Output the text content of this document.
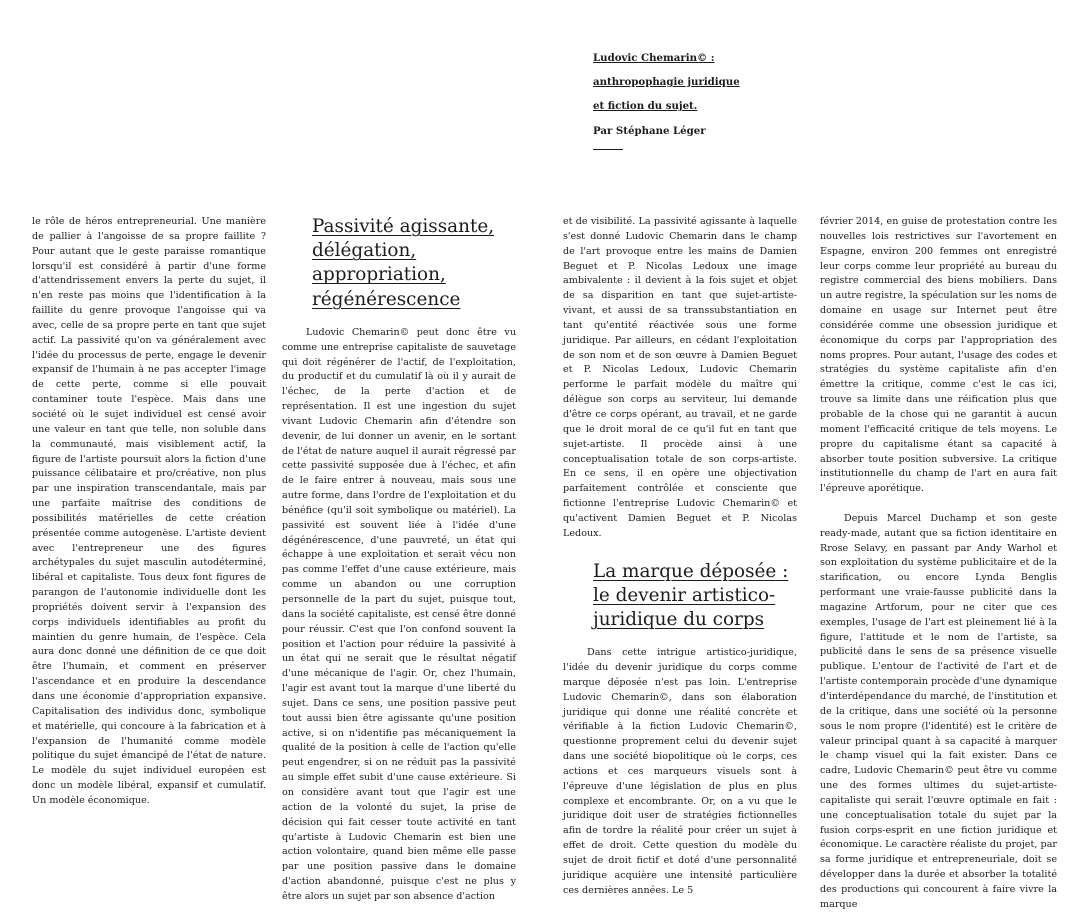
Ludovic Chemarin© :
anthropophagie juridique
et fiction du sujet.
Par Stéphane Léger

le rôle de héros entrepreneurial. Une manière de pallier à l'angoisse de sa propre faillite ? Pour autant que le geste paraisse romantique lorsqu'il est considéré à partir d'une forme d'attendrissement envers la perte du sujet, il n'en reste pas moins que l'identification à la faillite du genre provoque l'angoisse qui va avec, celle de sa propre perte en tant que sujet actif. La passivité qu'on va généralement avec l'idée du processus de perte, engage le devenir expansif de l'humain à ne pas accepter l'image de cette perte, comme si elle pouvait contaminer toute l'espèce. Mais dans une société où le sujet individuel est censé avoir une valeur en tant que telle, non soluble dans la communauté, mais visiblement actif, la figure de l'artiste poursuit alors la fiction d'une puissance célibataire et pro/créative, non plus par une inspiration transcendantale, mais par une parfaite maîtrise des conditions de possibilités matérielles de cette création présentée comme autogenèse. L'artiste devient avec l'entrepreneur une des figures archétypales du sujet masculin autodéterminé, libéral et capitaliste. Tous deux font figures de parangon de l'autonomie individuelle dont les propriétés doivent servir à l'expansion des corps individuels identifiables au profit du maintien du genre humain, de l'espèce. Cela aura donc donné une définition de ce que doit être l'humain, et comment en préserver l'ascendance et en produire la descendance dans une économie d'appropriation expansive. Capitalisation des individus donc, symbolique et matérielle, qui concoure à la fabrication et à l'expansion de l'humanité comme modèle politique du sujet émancipé de l'état de nature. Le modèle du sujet individuel européen est donc un modèle libéral, expansif et cumulatif. Un modèle économique.

Passivité agissante, délégation, appropriation, régénérescence

Ludovic Chemarin© peut donc être vu comme une entreprise capitaliste de sauvetage qui doit régénérer de l'actif, de l'exploitation, du productif et du cumulatif là où il y aurait de l'échec, de la perte d'action et de représentation. Il est une ingestion du sujet vivant Ludovic Chemarin afin d'étendre son devenir, de lui donner un avenir, en le sortant de l'état de nature auquel il aurait régressé par cette passivité supposée due à l'échec, et afin de le faire entrer à nouveau, mais sous une autre forme, dans l'ordre de l'exploitation et du bénéfice (qu'il soit symbolique ou matériel). La passivité est souvent liée à l'idée d'une dégénérescence, d'une pauvreté, un état qui échappe à une exploitation et serait vécu non pas comme l'effet d'une cause extérieure, mais comme un abandon ou une corruption personnelle de la part du sujet, puisque tout, dans la société capitaliste, est censé être donné pour réussir. C'est que l'on confond souvent la position et l'action pour réduire la passivité à un état qui ne serait que le résultat négatif d'une mécanique de l'agir. Or, chez l'humain, l'agir est avant tout la marque d'une liberté du sujet. Dans ce sens, une position passive peut tout aussi bien être agissante qu'une position active, si on n'identifie pas mécaniquement la qualité de la position à celle de l'action qu'elle peut engendrer, si on ne réduit pas la passivité au simple effet subit d'une cause extérieure. Si on considère avant tout que l'agir est une action de la volonté du sujet, la prise de décision qui fait cesser toute activité en tant qu'artiste à Ludovic Chemarin est bien une action volontaire, quand bien même elle passe par une position passive dans le domaine d'action abandonné, puisque c'est ne plus y être alors un sujet par son absence d'action

et de visibilité. La passivité agissante à laquelle s'est donné Ludovic Chemarin dans le champ de l'art provoque entre les mains de Damien Beguet et P. Nicolas Ledoux une image ambivalente : il devient à la fois sujet et objet de sa disparition en tant que sujet-artiste-vivant, et aussi de sa transsubstantiation en tant qu'entité réactivée sous une forme juridique. Par ailleurs, en cédant l'exploitation de son nom et de son œuvre à Damien Beguet et P. Nicolas Ledoux, Ludovic Chemarin performe le parfait modèle du maître qui délègue son corps au serviteur, lui demande d'être ce corps opérant, au travail, et ne garde que le droit moral de ce qu'il fut en tant que sujet-artiste. Il procède ainsi à une conceptualisation totale de son corps-artiste. En ce sens, il en opère une objectivation parfaitement contrôlée et consciente que fictionne l'entreprise Ludovic Chemarin© et qu'activent Damien Beguet et P. Nicolas Ledoux.

La marque déposée : le devenir artistico-juridique du corps

Dans cette intrigue artistico-juridique, l'idée du devenir juridique du corps comme marque déposée n'est pas loin. L'entreprise Ludovic Chemarin©, dans son élaboration juridique qui donne une réalité concrète et vérifiable à la fiction Ludovic Chemarin©, questionne proprement celui du devenir sujet dans une société biopolitique où le corps, ces actions et ces marqueurs visuels sont à l'épreuve d'une législation de plus en plus complexe et encombrante. Or, on a vu que le juridique doit user de stratégies fictionnelles afin de tordre la réalité pour créer un sujet à effet de droit. Cette question du modèle du sujet de droit fictif et doté d'une personnalité juridique acquière une intensité particulière ces dernières années. Le 5

février 2014, en guise de protestation contre les nouvelles lois restrictives sur l'avortement en Espagne, environ 200 femmes ont enregistré leur corps comme leur propriété au bureau du registre commercial des biens mobiliers. Dans un autre registre, la spéculation sur les noms de domaine en usage sur Internet peut être considérée comme une obsession juridique et économique du corps par l'appropriation des noms propres. Pour autant, l'usage des codes et stratégies du système capitaliste afin d'en émettre la critique, comme c'est le cas ici, trouve sa limite dans une réification plus que probable de la chose qui ne garantit à aucun moment l'efficacité critique de tels moyens. Le propre du capitalisme étant sa capacité à absorber toute position subversive. La critique institutionnelle du champ de l'art en aura fait l'épreuve aporétique.

Depuis Marcel Duchamp et son geste ready-made, autant que sa fiction identitaire en Rrose Selavy, en passant par Andy Warhol et son exploitation du système publicitaire et de la starification, ou encore Lynda Benglis performant une vraie-fausse publicité dans la magazine Artforum, pour ne citer que ces exemples, l'usage de l'art est pleinement lié à la figure, l'attitude et le nom de l'artiste, sa publicité dans le sens de sa présence visuelle publique. L'entour de l'activité de l'art et de l'artiste contemporain procède d'une dynamique d'interdépendance du marché, de l'institution et de la critique, dans une société où la personne sous le nom propre (l'identité) est le critère de valeur principal quant à sa capacité à marquer le champ visuel qui la fait exister. Dans ce cadre, Ludovic Chemarin© peut être vu comme une des formes ultimes du sujet-artiste-capitaliste qui serait l'œuvre optimale en fait : une conceptualisation totale du sujet par la fusion corps-esprit en une fiction juridique et économique. Le caractère réaliste du projet, par sa forme juridique et entrepreneuriale, doit se développer dans la durée et absorber la totalité des productions qui concourent à faire vivre la marque
